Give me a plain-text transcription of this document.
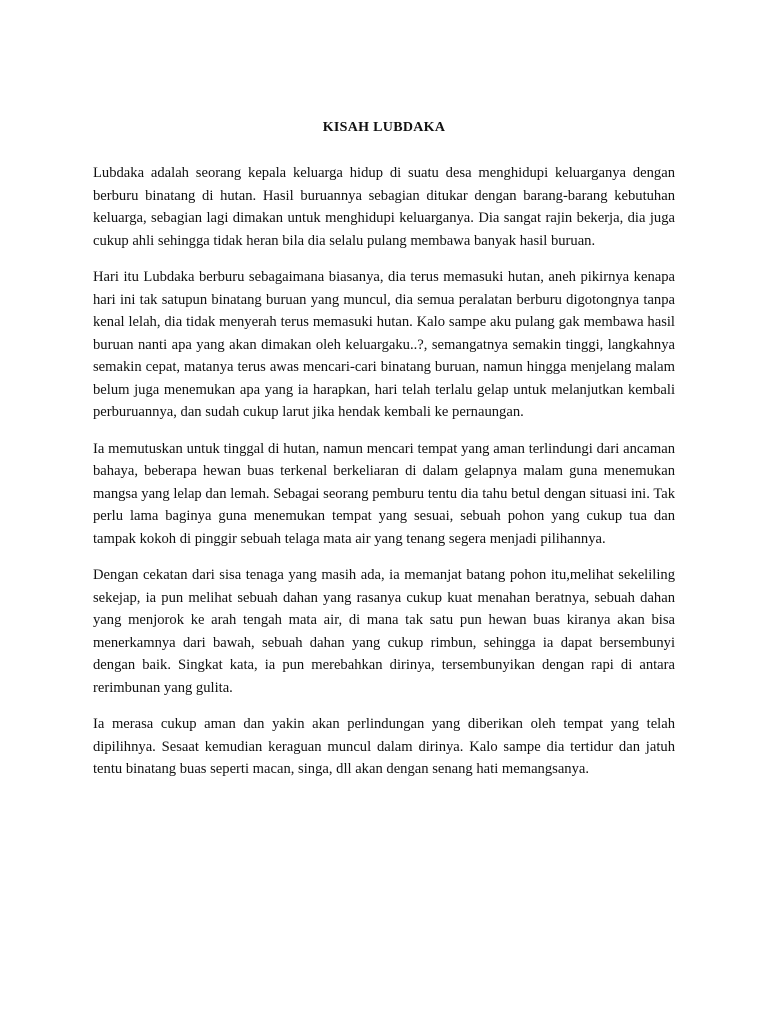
KISAH LUBDAKA

Lubdaka adalah seorang kepala keluarga hidup di suatu desa menghidupi keluarganya dengan berburu binatang di hutan. Hasil buruannya sebagian ditukar dengan barang-barang kebutuhan keluarga, sebagian lagi dimakan untuk menghidupi keluarganya. Dia sangat rajin bekerja, dia juga cukup ahli sehingga tidak heran bila dia selalu pulang membawa banyak hasil buruan.

Hari itu Lubdaka berburu sebagaimana biasanya, dia terus memasuki hutan, aneh pikirnya kenapa hari ini tak satupun binatang buruan yang muncul, dia semua peralatan berburu digotongnya tanpa kenal lelah, dia tidak menyerah terus memasuki hutan. Kalo sampe aku pulang gak membawa hasil buruan nanti apa yang akan dimakan oleh keluargaku..?, semangatnya semakin tinggi, langkahnya semakin cepat, matanya terus awas mencari-cari binatang buruan, namun hingga menjelang malam belum juga menemukan apa yang ia harapkan, hari telah terlalu gelap untuk melanjutkan kembali perburuannya, dan sudah cukup larut jika hendak kembali ke pernaungan.

Ia memutuskan untuk tinggal di hutan, namun mencari tempat yang aman terlindungi dari ancaman bahaya, beberapa hewan buas terkenal berkeliaran di dalam gelapnya malam guna menemukan mangsa yang lelap dan lemah. Sebagai seorang pemburu tentu dia tahu betul dengan situasi ini. Tak perlu lama baginya guna menemukan tempat yang sesuai, sebuah pohon yang cukup tua dan tampak kokoh di pinggir sebuah telaga mata air yang tenang segera menjadi pilihannya.

Dengan cekatan dari sisa tenaga yang masih ada, ia memanjat batang pohon itu,melihat sekeliling sekejap, ia pun melihat sebuah dahan yang rasanya cukup kuat menahan beratnya, sebuah dahan yang menjorok ke arah tengah mata air, di mana tak satu pun hewan buas kiranya akan bisa menerkamnya dari bawah, sebuah dahan yang cukup rimbun, sehingga ia dapat bersembunyi dengan baik. Singkat kata, ia pun merebahkan dirinya, tersembunyikan dengan rapi di antara rerimbunan yang gulita.

Ia merasa cukup aman dan yakin akan perlindungan yang diberikan oleh tempat yang telah dipilihnya. Sesaat kemudian keraguan muncul dalam dirinya. Kalo sampe dia tertidur dan jatuh tentu binatang buas seperti macan, singa, dll akan dengan senang hati memangsanya.
